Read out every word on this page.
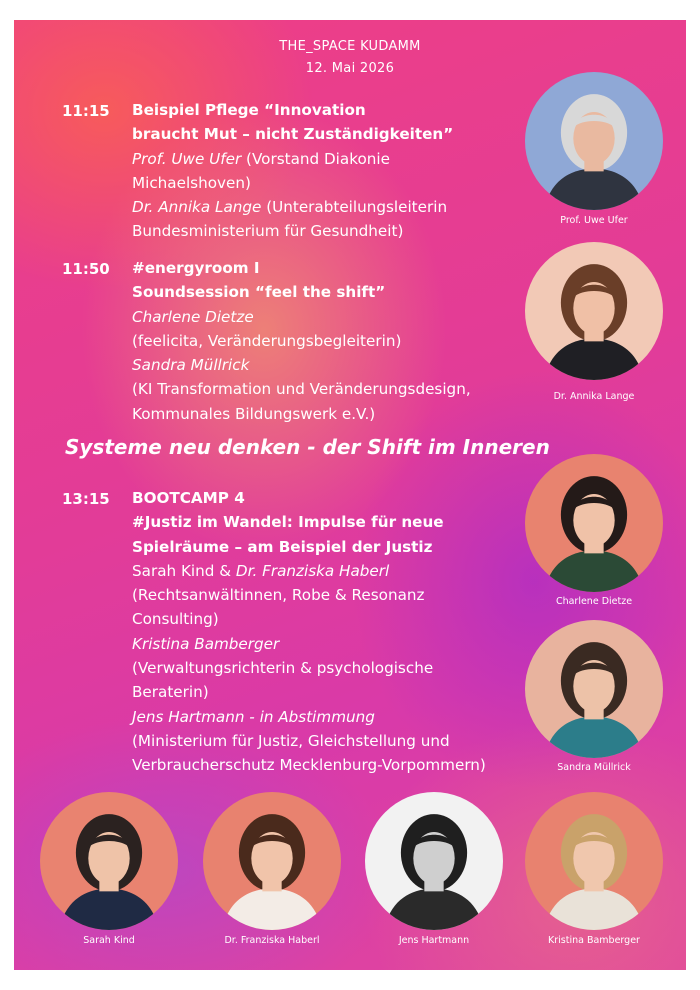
THE_SPACE KUDAMM
12. Mai 2026
11:15 Beispiel Pflege “Innovation
braucht Mut – nicht Zuständigkeiten”
Prof. Uwe Ufer (Vorstand Diakonie
Michaelshoven)
Dr. Annika Lange (Unterabteilungsleiterin
Bundesministerium für Gesundheit)
11:50 #energyroom I
Soundsession “feel the shift”
Charlene Dietze
(feelicita, Veränderungsbegleiterin)
Sandra Müllrick
(KI Transformation und Veränderungsdesign,
Kommunales Bildungswerk e.V.)
Systeme neu denken - der Shift im Inneren
13:15 BOOTCAMP 4
#Justiz im Wandel: Impulse für neue
Spielräume – am Beispiel der Justiz
Sarah Kind & Dr. Franziska Haberl
(Rechtsanwältinnen, Robe & Resonanz
Consulting)
Kristina Bamberger
(Verwaltungsrichterin & psychologische
Beraterin)
Jens Hartmann - in Abstimmung
(Ministerium für Justiz, Gleichstellung und
Verbraucherschutz Mecklenburg-Vorpommern)
Prof. Uwe Ufer
Dr. Annika Lange
Charlene Dietze
Sandra Müllrick
Sarah Kind	Dr. Franziska Haberl	Jens Hartmann	Kristina Bamberger
